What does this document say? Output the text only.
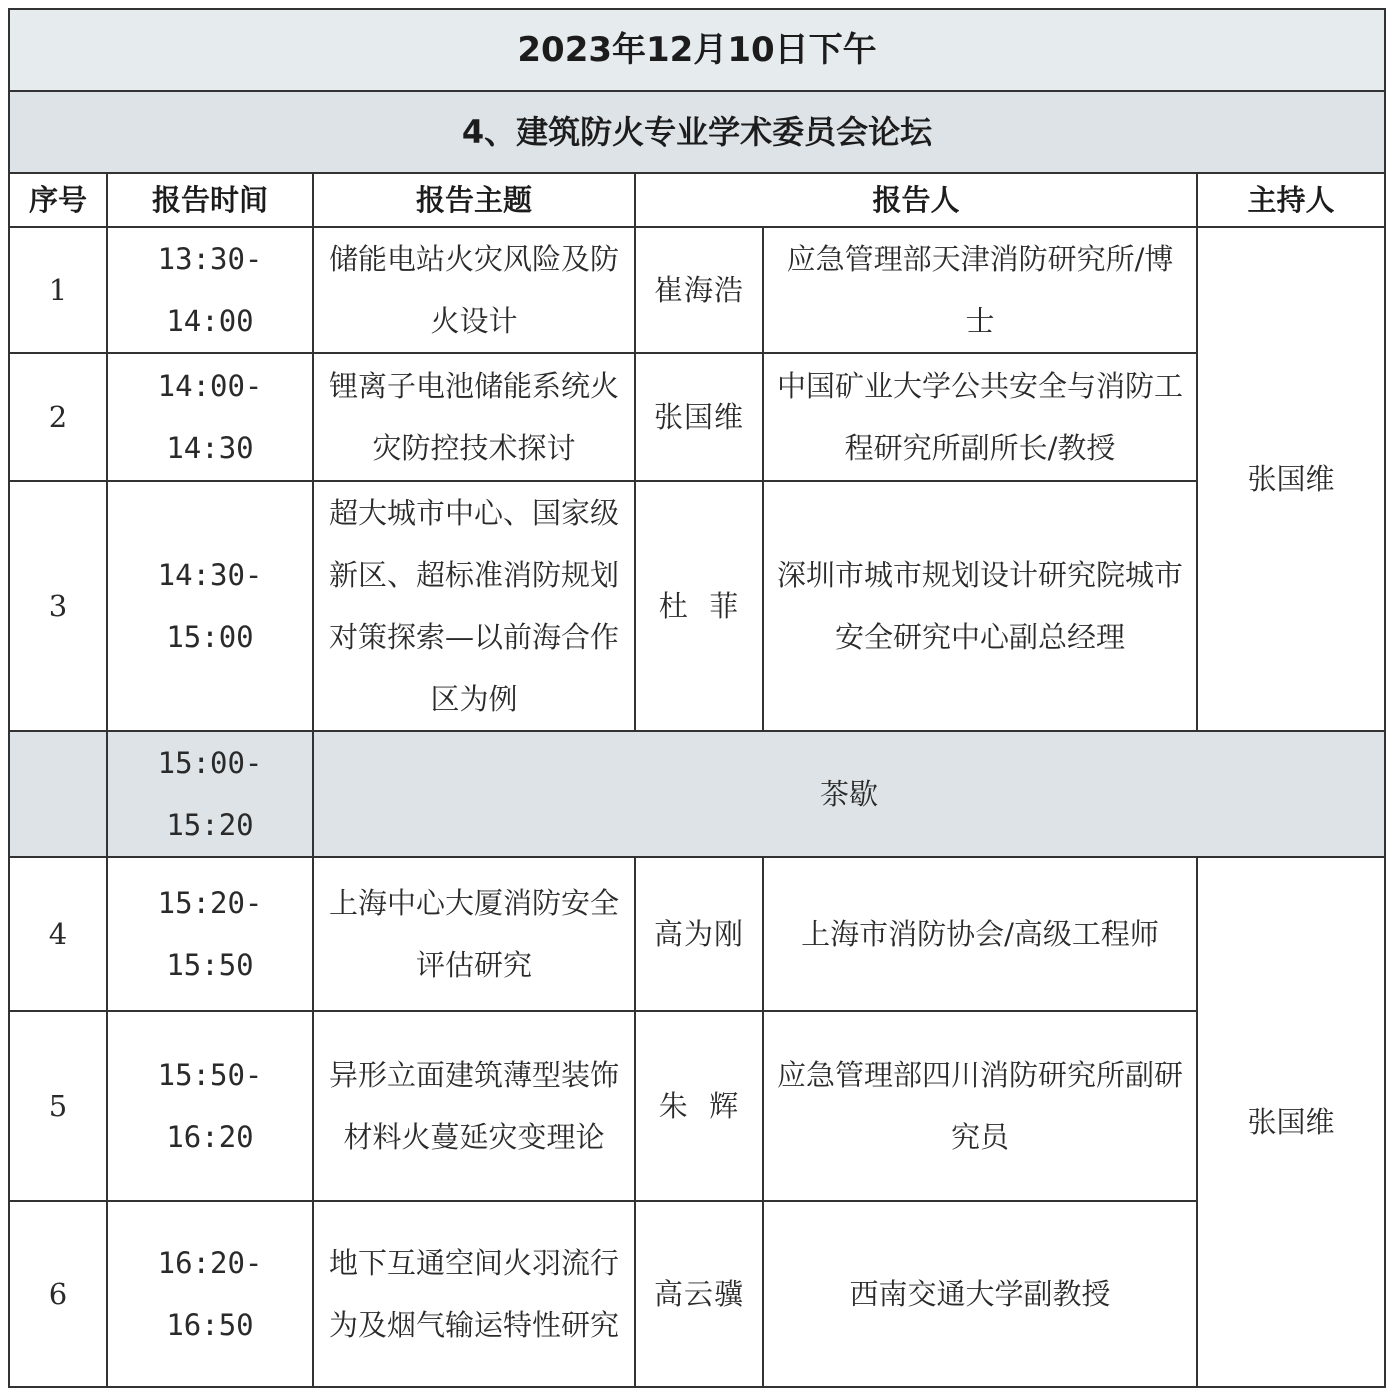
2023年12月10日下午					
4、建筑防火专业学术委员会论坛					
序号	报告时间	报告主题	报告人		主持人
1	13:30-14:00	储能电站火灾风险及防火设计	崔海浩	应急管理部天津消防研究所/博士	张国维
2	14:00-14:30	锂离子电池储能系统火灾防控技术探讨	张国维	中国矿业大学公共安全与消防工程研究所副所长/教授	
3	14:30-15:00	超大城市中心、国家级新区、超标准消防规划对策探索—以前海合作区为例	杜  菲	深圳市城市规划设计研究院城市安全研究中心副总经理	
	15:00-15:20	茶歇			
4	15:20-15:50	上海中心大厦消防安全评估研究	高为刚	上海市消防协会/高级工程师	张国维
5	15:50-16:20	异形立面建筑薄型装饰材料火蔓延灾变理论	朱  辉	应急管理部四川消防研究所副研究员	
6	16:20-16:50	地下互通空间火羽流行为及烟气输运特性研究	高云骥	西南交通大学副教授	
